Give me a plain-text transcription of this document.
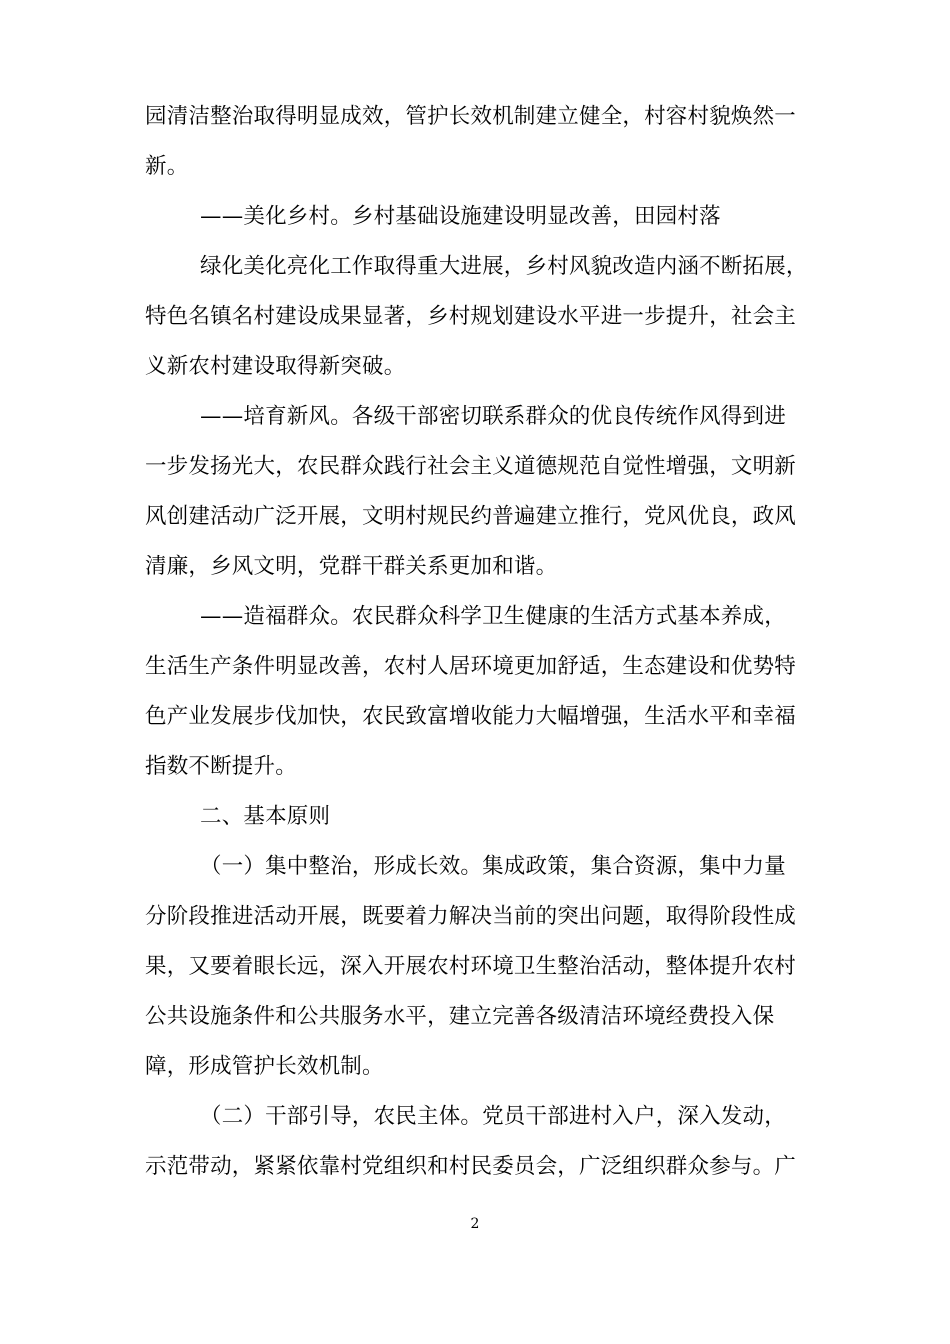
园清洁整治取得明显成效，管护长效机制建立健全，村容村貌焕然一
新。
——美化乡村。乡村基础设施建设明显改善，田园村落
绿化美化亮化工作取得重大进展，乡村风貌改造内涵不断拓展，
特色名镇名村建设成果显著，乡村规划建设水平进一步提升，社会主
义新农村建设取得新突破。
——培育新风。各级干部密切联系群众的优良传统作风得到进
一步发扬光大，农民群众践行社会主义道德规范自觉性增强，文明新
风创建活动广泛开展，文明村规民约普遍建立推行，党风优良，政风
清廉，乡风文明，党群干群关系更加和谐。
——造福群众。农民群众科学卫生健康的生活方式基本养成，
生活生产条件明显改善，农村人居环境更加舒适，生态建设和优势特
色产业发展步伐加快，农民致富增收能力大幅增强，生活水平和幸福
指数不断提升。
二、基本原则
（一）集中整治，形成长效。集成政策，集合资源，集中力量
分阶段推进活动开展，既要着力解决当前的突出问题，取得阶段性成
果，又要着眼长远，深入开展农村环境卫生整治活动，整体提升农村
公共设施条件和公共服务水平，建立完善各级清洁环境经费投入保
障，形成管护长效机制。
（二）干部引导，农民主体。党员干部进村入户，深入发动，
示范带动，紧紧依靠村党组织和村民委员会，广泛组织群众参与。广
2
